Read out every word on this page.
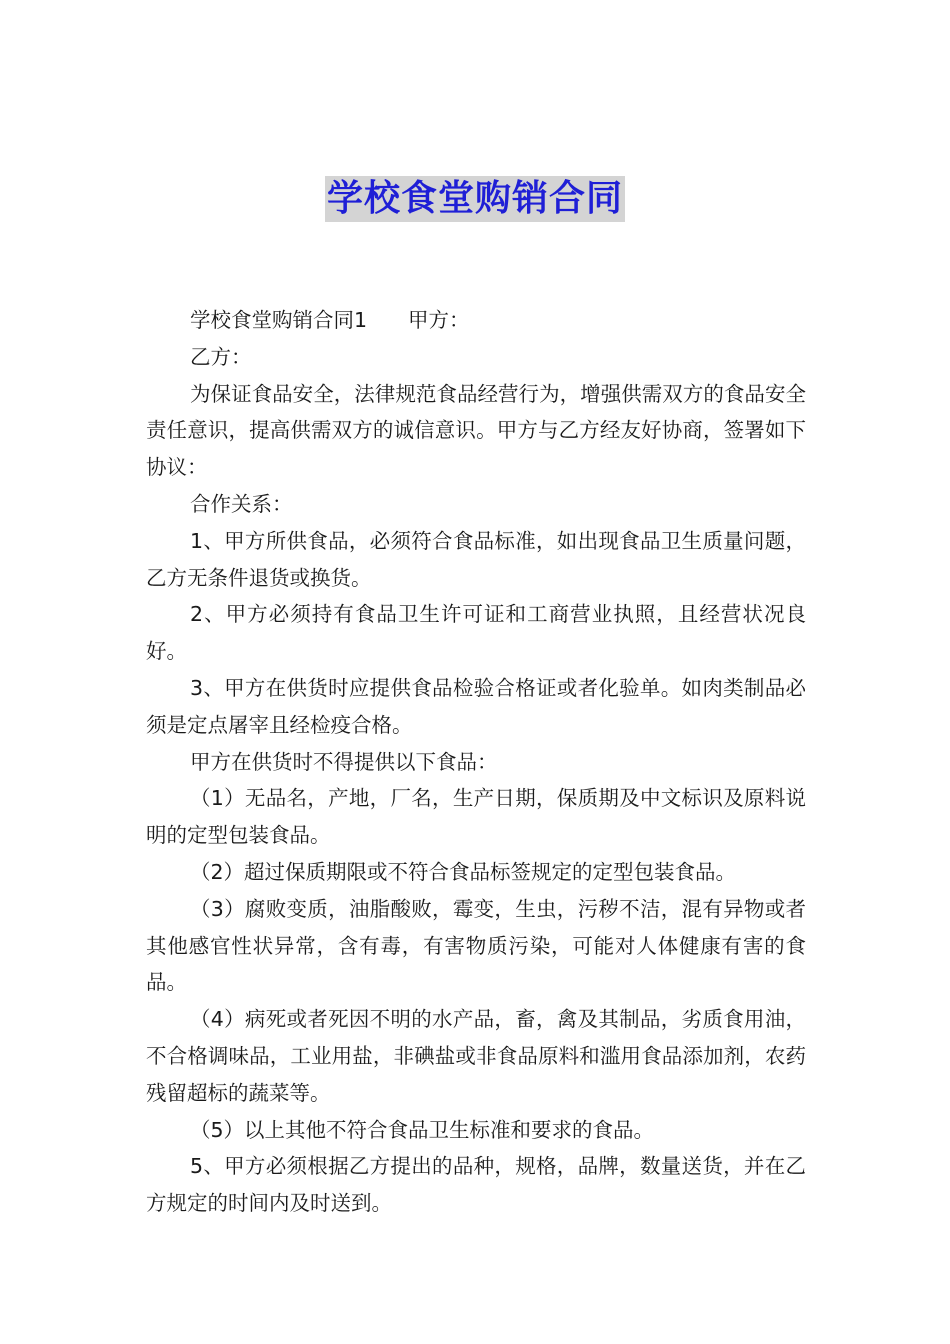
学校食堂购销合同

学校食堂购销合同1　　甲方：

乙方：

为保证食品安全，法律规范食品经营行为，增强供需双方的食品安全责任意识，提高供需双方的诚信意识。甲方与乙方经友好协商，签署如下协议：

合作关系：

1、甲方所供食品，必须符合食品标准，如出现食品卫生质量问题，乙方无条件退货或换货。

2、甲方必须持有食品卫生许可证和工商营业执照，且经营状况良好。

3、甲方在供货时应提供食品检验合格证或者化验单。如肉类制品必须是定点屠宰且经检疫合格。

甲方在供货时不得提供以下食品：

（1）无品名，产地，厂名，生产日期，保质期及中文标识及原料说明的定型包装食品。

（2）超过保质期限或不符合食品标签规定的定型包装食品。

（3）腐败变质，油脂酸败，霉变，生虫，污秽不洁，混有异物或者其他感官性状异常，含有毒，有害物质污染，可能对人体健康有害的食品。

（4）病死或者死因不明的水产品，畜，禽及其制品，劣质食用油，不合格调味品，工业用盐，非碘盐或非食品原料和滥用食品添加剂，农药残留超标的蔬菜等。

（5）以上其他不符合食品卫生标准和要求的食品。

5、甲方必须根据乙方提出的品种，规格，品牌，数量送货，并在乙方规定的时间内及时送到。
